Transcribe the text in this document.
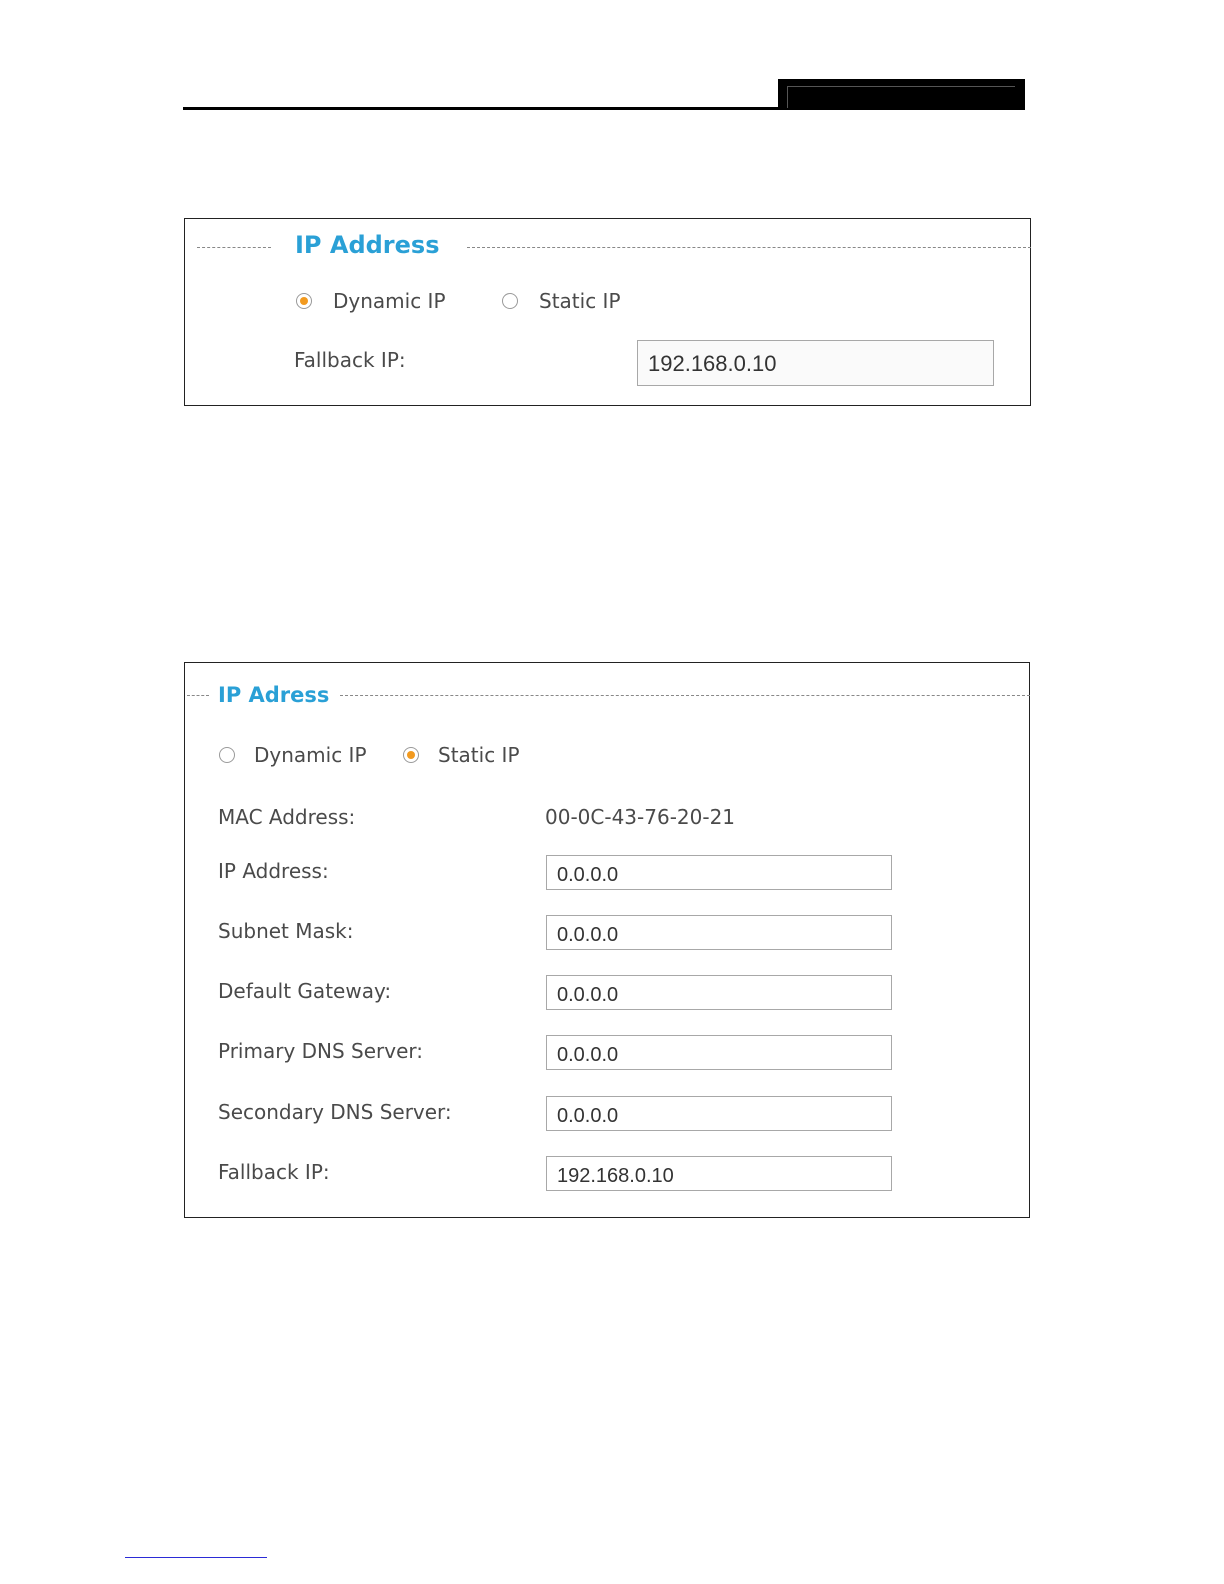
IP Address
Dynamic IP	Static IP
Fallback IP:	192.168.0.10
IP Adress
Dynamic IP	Static IP
MAC Address:	00-0C-43-76-20-21
IP Address:	0.0.0.0
Subnet Mask:	0.0.0.0
Default Gateway:	0.0.0.0
Primary DNS Server:	0.0.0.0
Secondary DNS Server:	0.0.0.0
Fallback IP:	192.168.0.10
